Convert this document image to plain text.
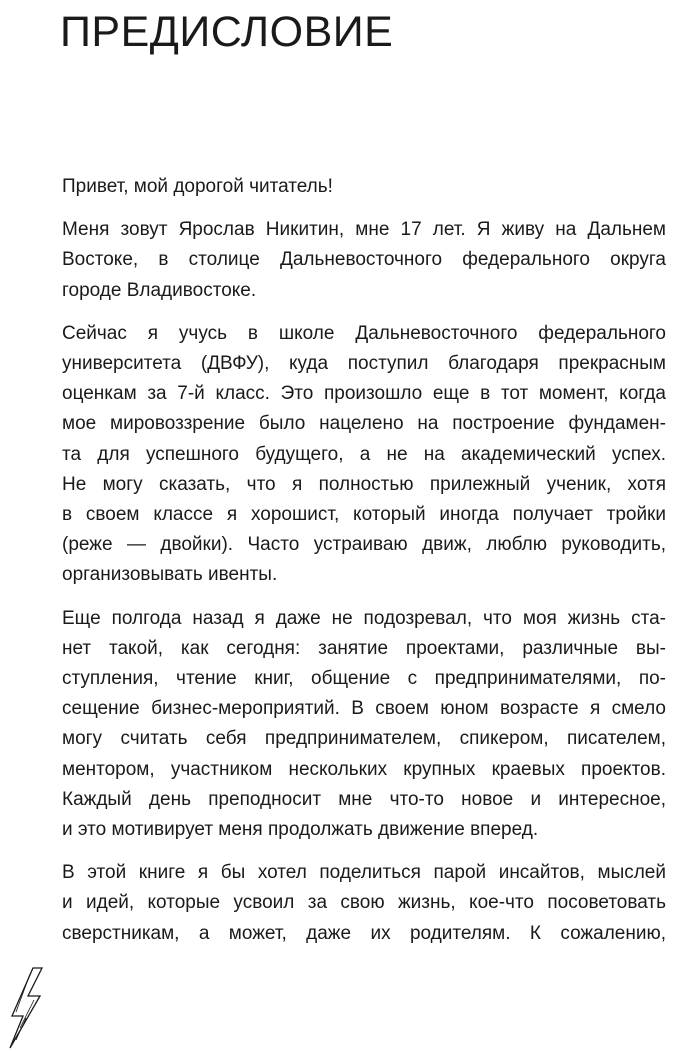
ПРЕДИСЛОВИЕ

Привет, мой дорогой читатель!

Меня зовут Ярослав Никитин, мне 17 лет. Я живу на Дальнем
Востоке, в столице Дальневосточного федерального округа
городе Владивостоке.

Сейчас я учусь в школе Дальневосточного федерального
университета (ДВФУ), куда поступил благодаря прекрасным
оценкам за 7-й класс. Это произошло еще в тот момент, когда
мое мировоззрение было нацелено на построение фундамен-
та для успешного будущего, а не на академический успех.
Не могу сказать, что я полностью прилежный ученик, хотя
в своем классе я хорошист, который иногда получает тройки
(реже — двойки). Часто устраиваю движ, люблю руководить,
организовывать ивенты.

Еще полгода назад я даже не подозревал, что моя жизнь ста-
нет такой, как сегодня: занятие проектами, различные вы-
ступления, чтение книг, общение с предпринимателями, по-
сещение бизнес-мероприятий. В своем юном возрасте я смело
могу считать себя предпринимателем, спикером, писателем,
ментором, участником нескольких крупных краевых проектов.
Каждый день преподносит мне что-то новое и интересное,
и это мотивирует меня продолжать движение вперед.

В этой книге я бы хотел поделиться парой инсайтов, мыслей
и идей, которые усвоил за свою жизнь, кое-что посоветовать
сверстникам, а может, даже их родителям. К сожалению,
